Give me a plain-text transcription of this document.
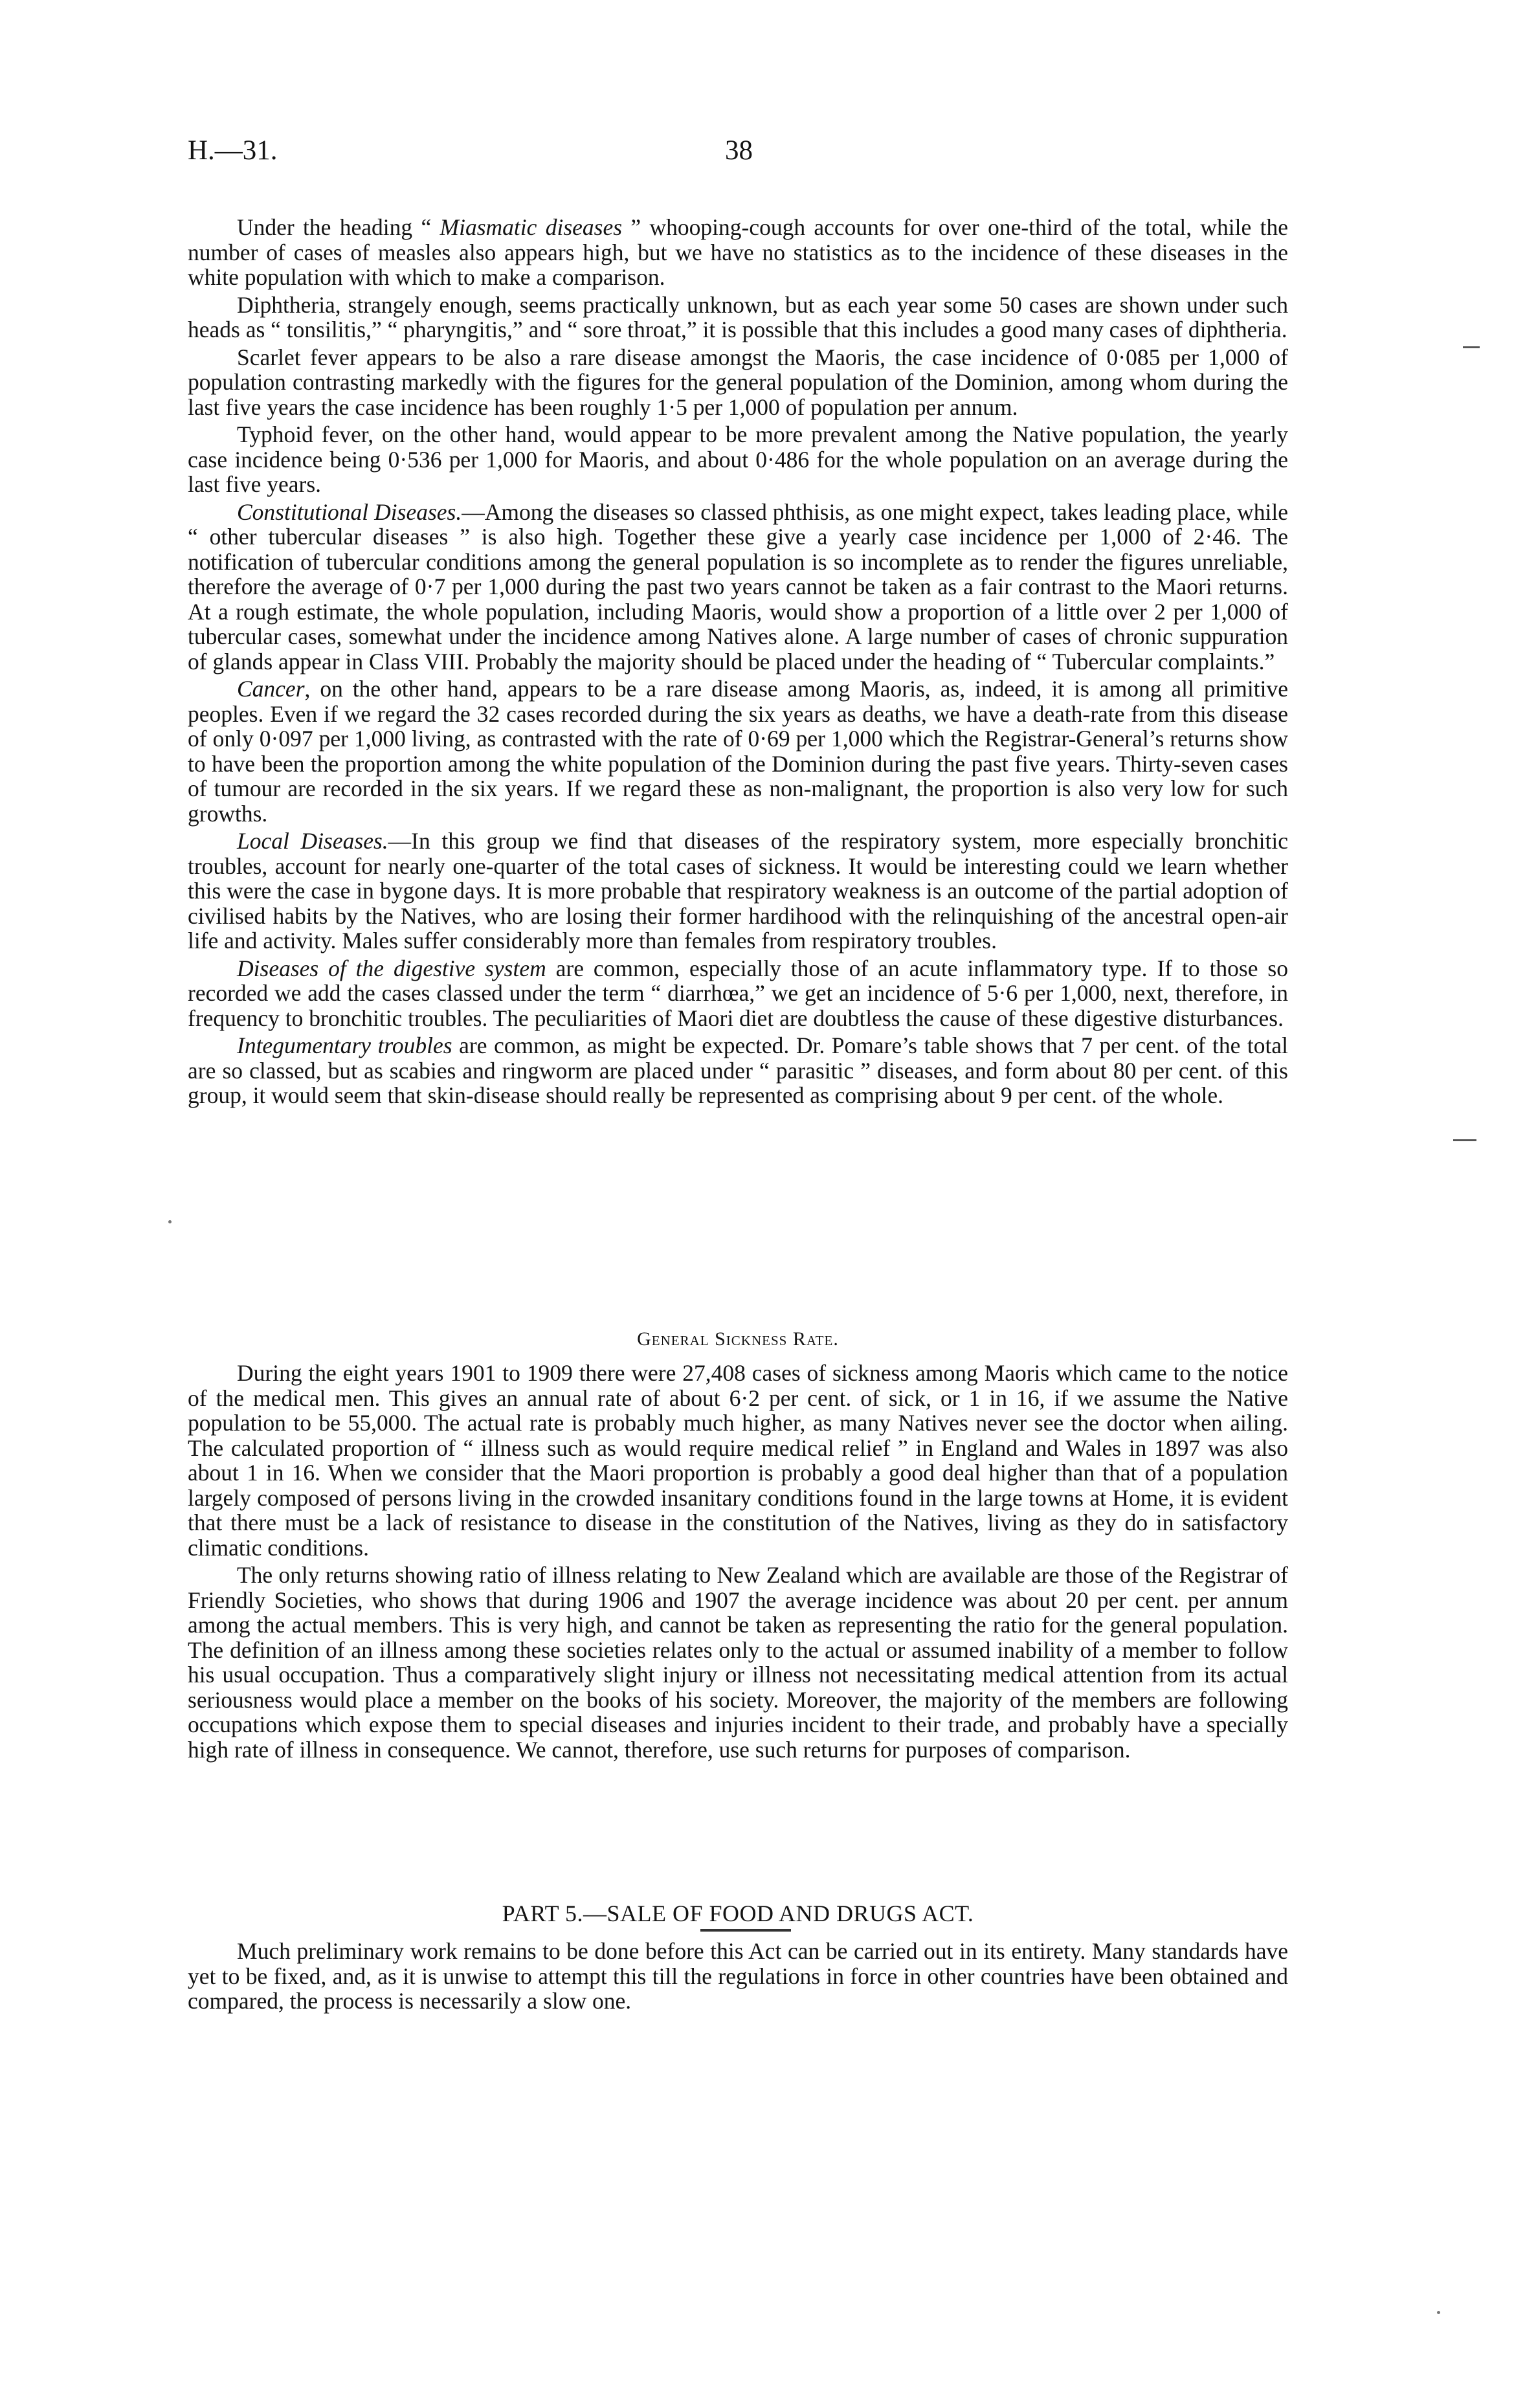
H.—31.	38

Under the heading “ Miasmatic diseases ” whooping-cough accounts for over one-third of the total, while the number of cases of measles also appears high, but we have no statistics as to the incidence of these diseases in the white population with which to make a comparison.

Diphtheria, strangely enough, seems practically unknown, but as each year some 50 cases are shown under such heads as “ tonsilitis,” “ pharyngitis,” and “ sore throat,” it is possible that this includes a good many cases of diphtheria.

Scarlet fever appears to be also a rare disease amongst the Maoris, the case incidence of 0·085 per 1,000 of population contrasting markedly with the figures for the general population of the Dominion, among whom during the last five years the case incidence has been roughly 1·5 per 1,000 of population per annum.

Typhoid fever, on the other hand, would appear to be more prevalent among the Native population, the yearly case incidence being 0·536 per 1,000 for Maoris, and about 0·486 for the whole population on an average during the last five years.

Constitutional Diseases.—Among the diseases so classed phthisis, as one might expect, takes leading place, while “ other tubercular diseases ” is also high. Together these give a yearly case incidence per 1,000 of 2·46. The notification of tubercular conditions among the general population is so incomplete as to render the figures unreliable, therefore the average of 0·7 per 1,000 during the past two years cannot be taken as a fair contrast to the Maori returns. At a rough estimate, the whole population, including Maoris, would show a proportion of a little over 2 per 1,000 of tubercular cases, somewhat under the incidence among Natives alone. A large number of cases of chronic suppuration of glands appear in Class VIII. Probably the majority should be placed under the heading of “ Tubercular complaints.”

Cancer, on the other hand, appears to be a rare disease among Maoris, as, indeed, it is among all primitive peoples. Even if we regard the 32 cases recorded during the six years as deaths, we have a death-rate from this disease of only 0·097 per 1,000 living, as contrasted with the rate of 0·69 per 1,000 which the Registrar-General’s returns show to have been the proportion among the white population of the Dominion during the past five years. Thirty-seven cases of tumour are recorded in the six years. If we regard these as non-malignant, the proportion is also very low for such growths.

Local Diseases.—In this group we find that diseases of the respiratory system, more especially bronchitic troubles, account for nearly one-quarter of the total cases of sickness. It would be interesting could we learn whether this were the case in bygone days. It is more probable that respiratory weakness is an outcome of the partial adoption of civilised habits by the Natives, who are losing their former hardihood with the relinquishing of the ancestral open-air life and activity. Males suffer considerably more than females from respiratory troubles.

Diseases of the digestive system are common, especially those of an acute inflammatory type. If to those so recorded we add the cases classed under the term “ diarrhœa,” we get an incidence of 5·6 per 1,000, next, therefore, in frequency to bronchitic troubles. The peculiarities of Maori diet are doubtless the cause of these digestive disturbances.

Integumentary troubles are common, as might be expected. Dr. Pomare’s table shows that 7 per cent. of the total are so classed, but as scabies and ringworm are placed under “ parasitic ” diseases, and form about 80 per cent. of this group, it would seem that skin-disease should really be represented as comprising about 9 per cent. of the whole.

General Sickness Rate.

During the eight years 1901 to 1909 there were 27,408 cases of sickness among Maoris which came to the notice of the medical men. This gives an annual rate of about 6·2 per cent. of sick, or 1 in 16, if we assume the Native population to be 55,000. The actual rate is probably much higher, as many Natives never see the doctor when ailing. The calculated proportion of “ illness such as would require medical relief ” in England and Wales in 1897 was also about 1 in 16. When we consider that the Maori proportion is probably a good deal higher than that of a population largely composed of persons living in the crowded insanitary conditions found in the large towns at Home, it is evident that there must be a lack of resistance to disease in the constitution of the Natives, living as they do in satisfactory climatic conditions.

The only returns showing ratio of illness relating to New Zealand which are available are those of the Registrar of Friendly Societies, who shows that during 1906 and 1907 the average incidence was about 20 per cent. per annum among the actual members. This is very high, and cannot be taken as representing the ratio for the general population. The definition of an illness among these societies relates only to the actual or assumed inability of a member to follow his usual occupation. Thus a comparatively slight injury or illness not necessitating medical attention from its actual seriousness would place a member on the books of his society. Moreover, the majority of the members are following occupations which expose them to special diseases and injuries incident to their trade, and probably have a specially high rate of illness in consequence. We cannot, therefore, use such returns for purposes of comparison.

PART 5.—SALE OF FOOD AND DRUGS ACT.

Much preliminary work remains to be done before this Act can be carried out in its entirety. Many standards have yet to be fixed, and, as it is unwise to attempt this till the regulations in force in other countries have been obtained and compared, the process is necessarily a slow one.
